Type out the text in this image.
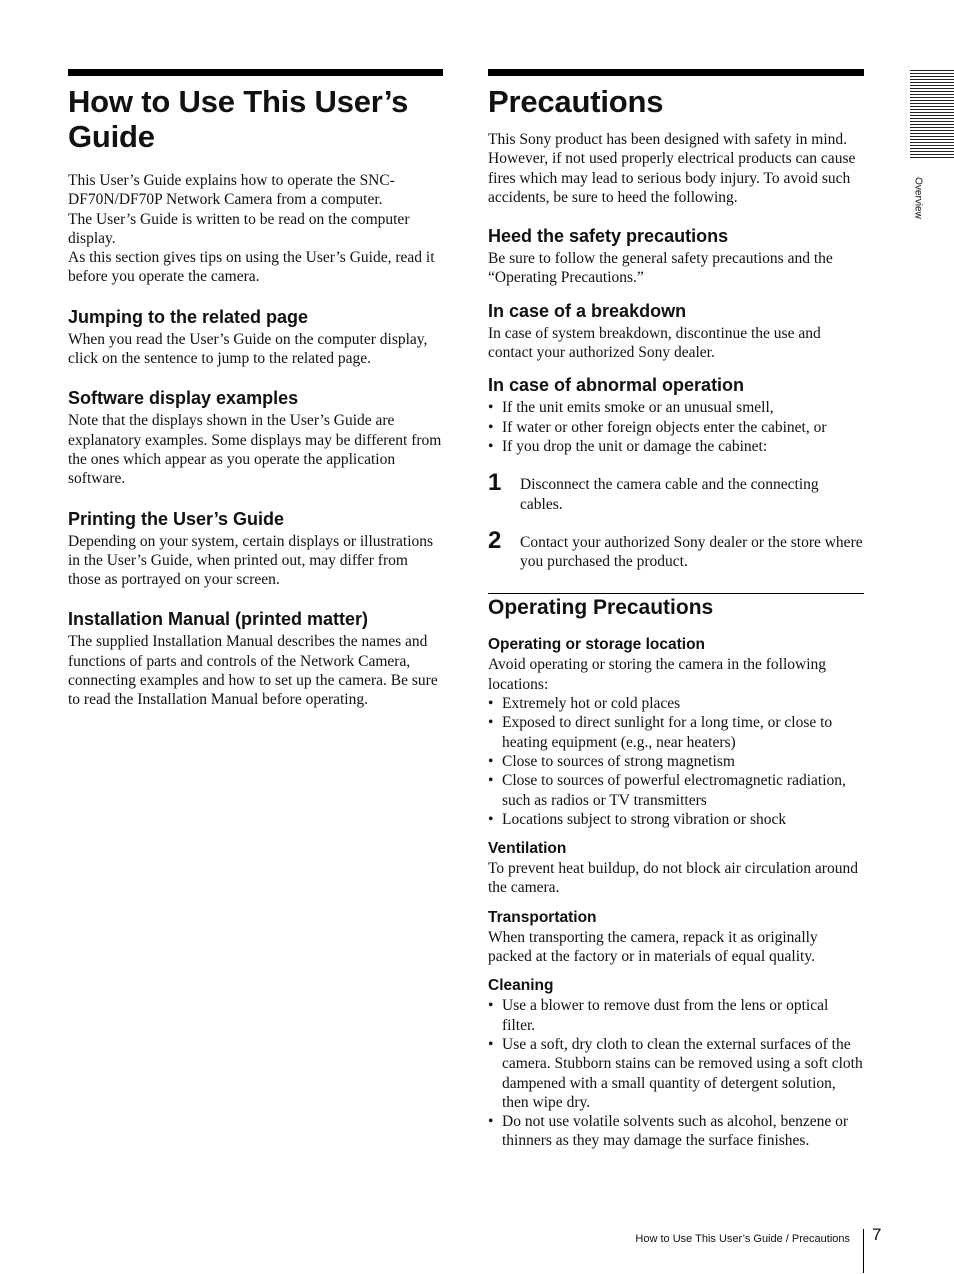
How to Use This User’s Guide

This User’s Guide explains how to operate the SNC-DF70N/DF70P Network Camera from a computer.

The User’s Guide is written to be read on the computer display.

As this section gives tips on using the User’s Guide, read it before you operate the camera.

Jumping to the related page

When you read the User’s Guide on the computer display, click on the sentence to jump to the related page.

Software display examples

Note that the displays shown in the User’s Guide are explanatory examples. Some displays may be different from the ones which appear as you operate the application software.

Printing the User’s Guide

Depending on your system, certain displays or illustrations in the User’s Guide, when printed out, may differ from those as portrayed on your screen.

Installation Manual (printed matter)

The supplied Installation Manual describes the names and functions of parts and controls of the Network Camera, connecting examples and how to set up the camera. Be sure to read the Installation Manual before operating.

Precautions

This Sony product has been designed with safety in mind. However, if not used properly electrical products can cause fires which may lead to serious body injury. To avoid such accidents, be sure to heed the following.

Heed the safety precautions

Be sure to follow the general safety precautions and the “Operating Precautions.”

In case of a breakdown

In case of system breakdown, discontinue the use and contact your authorized Sony dealer.

In case of abnormal operation
• If the unit emits smoke or an unusual smell,
• If water or other foreign objects enter the cabinet, or
• If you drop the unit or damage the cabinet:
1 Disconnect the camera cable and the connecting cables.
2 Contact your authorized Sony dealer or the store where you purchased the product.
Operating Precautions
Operating or storage location

Avoid operating or storing the camera in the following locations:

• Extremely hot or cold places
• Exposed to direct sunlight for a long time, or close to heating equipment (e.g., near heaters)
• Close to sources of strong magnetism
• Close to sources of powerful electromagnetic radiation, such as radios or TV transmitters
• Locations subject to strong vibration or shock
Ventilation

To prevent heat buildup, do not block air circulation around the camera.

Transportation

When transporting the camera, repack it as originally packed at the factory or in materials of equal quality.

Cleaning
• Use a blower to remove dust from the lens or optical filter.
• Use a soft, dry cloth to clean the external surfaces of the camera. Stubborn stains can be removed using a soft cloth dampened with a small quantity of detergent solution, then wipe dry.
• Do not use volatile solvents such as alcohol, benzene or thinners as they may damage the surface finishes.
Overview
How to Use This User’s Guide / Precautions 7
